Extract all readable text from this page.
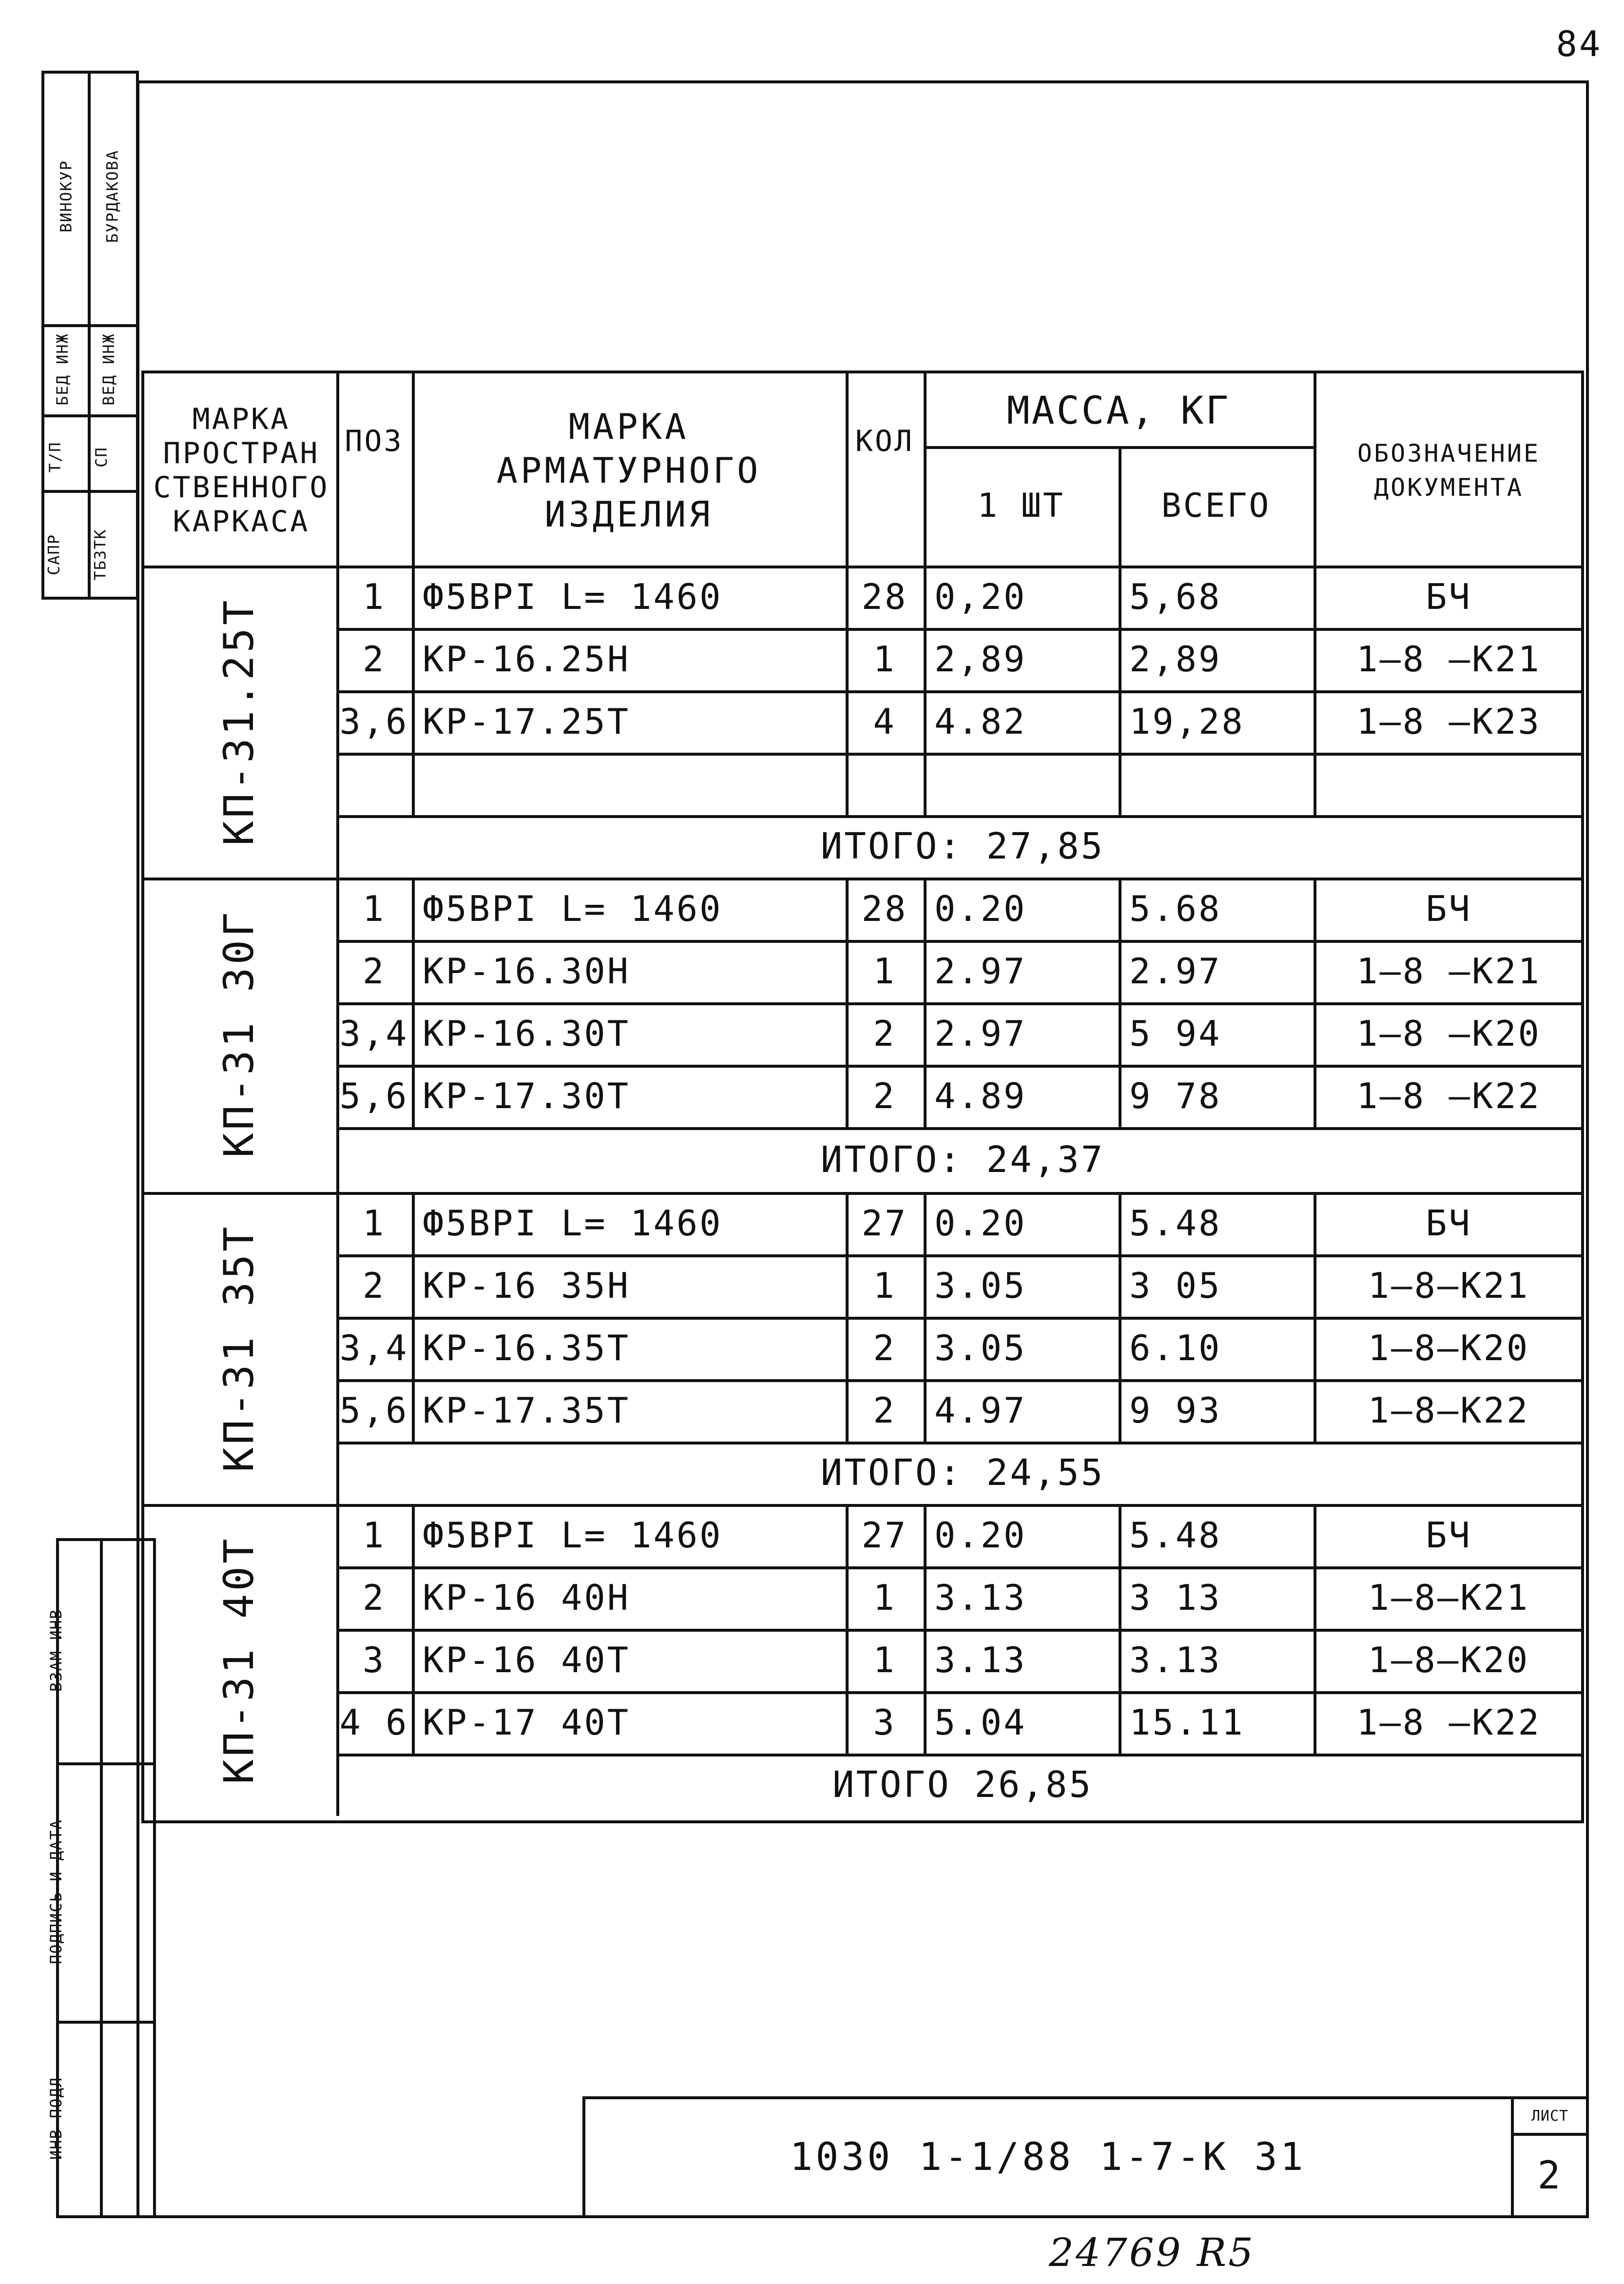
84
САПР
Т/П
БЕД ИНЖ
ВИНОКУР
ТБЗТК
СП
ВЕД ИНЖ
БУРДАКОВА
ВЗАМ ИНВ
ПОДПИСЬ И ДАТА
ИНВ ПОДЛ
МАРКА
ПРОСТРАН
СТВЕННОГО
КАРКАСА
ПОЗ	МАРКА
АРМАТУРНОГО
ИЗДЕЛИЯ
КОЛ
МАССА, КГ
1 ШТ	ВСЕГО
ОБОЗНАЧЕНИЕ
ДОКУМЕНТА
КП-31.25Т
1	Ф5ВРI L= 1460	28 0,20	5,68	БЧ
2	КР-16.25Н	1	2,89	2,89	1—8 —К21
3,6 КР-17.25Т	4	4.82	19,28	1—8 —К23
ИТОГО: 27,85
КП-31 30Г
1	Ф5ВРI L= 1460	28 0.20	5.68	БЧ
2	КР-16.30Н	1	2.97	2.97	1—8 —К21
3,4 КР-16.30Т	2	2.97	5 94	1—8 —К20
5,6 КР-17.30Т	2	4.89	9 78	1—8 —К22
ИТОГО: 24,37
КП-31 35Т
1	Ф5ВРI L= 1460	27 0.20	5.48	БЧ
2	КР-16 35Н	1	3.05	3 05	1—8—К21
3,4 КР-16.35Т	2	3.05	6.10	1—8—К20
5,6 КР-17.35Т	2	4.97	9 93	1—8—К22
ИТОГО: 24,55
КП-31 40Т
1	Ф5ВРI L= 1460	27 0.20	5.48	БЧ
2	КР-16 40Н	1	3.13	3 13	1—8—К21
3	КР-16 40Т	1	3.13	3.13	1—8—К20
4 6 КР-17 40Т	3	5.04	15.11	1—8 —К22
ИТОГО 26,85
1030 1-1/88 1-7-К 31
ЛИСТ
2
24769 R5
